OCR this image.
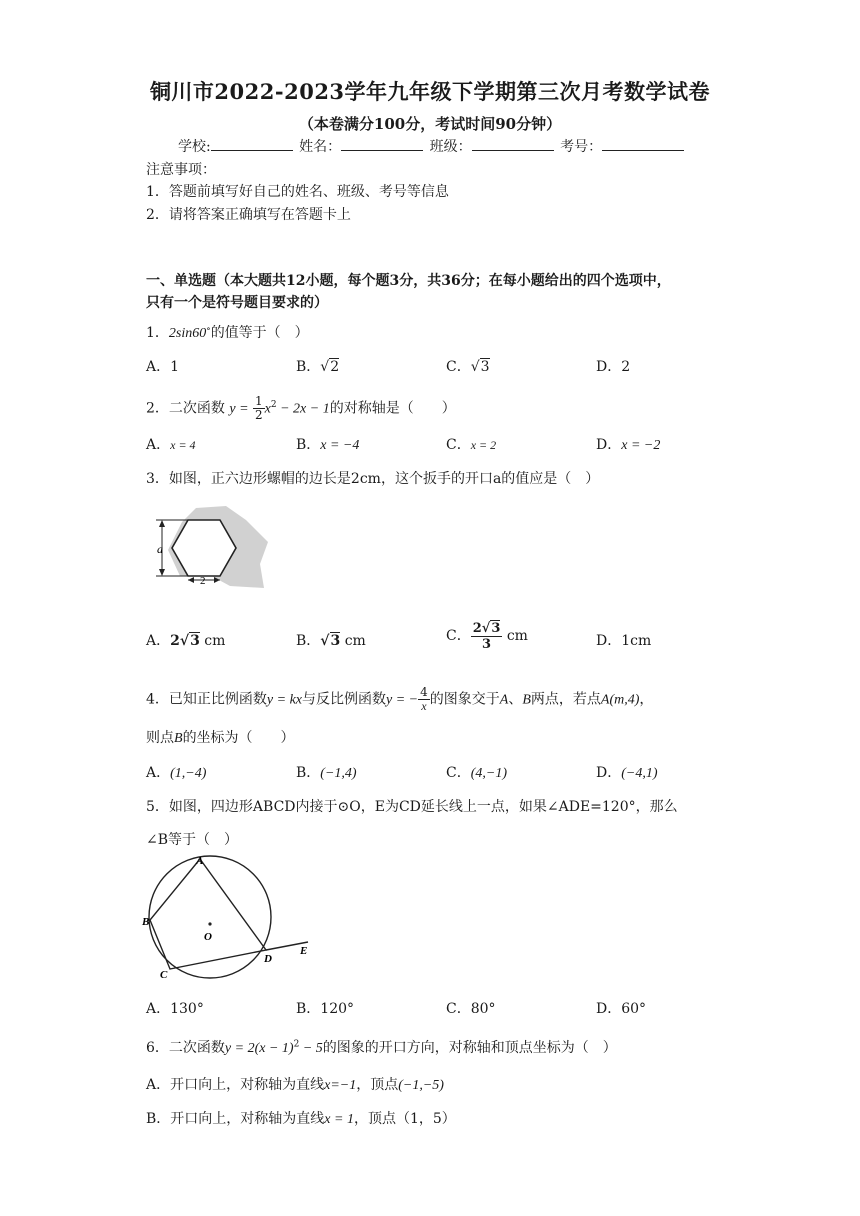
铜川市2022-2023学年九年级下学期第三次月考数学试卷
（本卷满分100分，考试时间90分钟）
学校:	姓名：	班级：	考号：
注意事项：
1．答题前填写好自己的姓名、班级、考号等信息
2．请将答案正确填写在答题卡上
一、单选题（本大题共12小题，每个题3分，共36分；在每小题给出的四个选项中，
只有一个是符号题目要求的）
1．2sin60∘的值等于（　）
A．1	B．√2	C．√3	D．2
2．二次函数 $y = \frac{1}{2} x^2 - 2x - 1$的对称轴是（　　）
A．x = 4	B．x = −4	C．x = 2	D．x = −2
3．如图，正六边形螺帽的边长是2cm，这个扳手的开口a的值应是（　）
a
2
A．2√3 cm	B．√3 cm	C． $\frac{2√3}{3}$ cm	D．1cm
4．已知正比例函数y = kx与反比例函数y = − $\frac{4}{x}$ 的图象交于A、B两点，若点A(m,4)，
则点B的坐标为（　　）
A．(1,−4)	B．(−1,4)	C．(4,−1)	D．(−4,1)
5．如图，四边形ABCD内接于⊙O，E为CD延长线上一点，如果∠ADE=120°，那么
∠B等于（　）
A
B
C
D
E
O
A．130°	B．120°	C．80°	D．60°
6．二次函数$y = 2(x - 1)^2 - 5$的图象的开口方向，对称轴和顶点坐标为（　）
A．开口向上，对称轴为直线x=−1，顶点(−1,−5)
B．开口向上，对称轴为直线x = 1，顶点（1，5）
